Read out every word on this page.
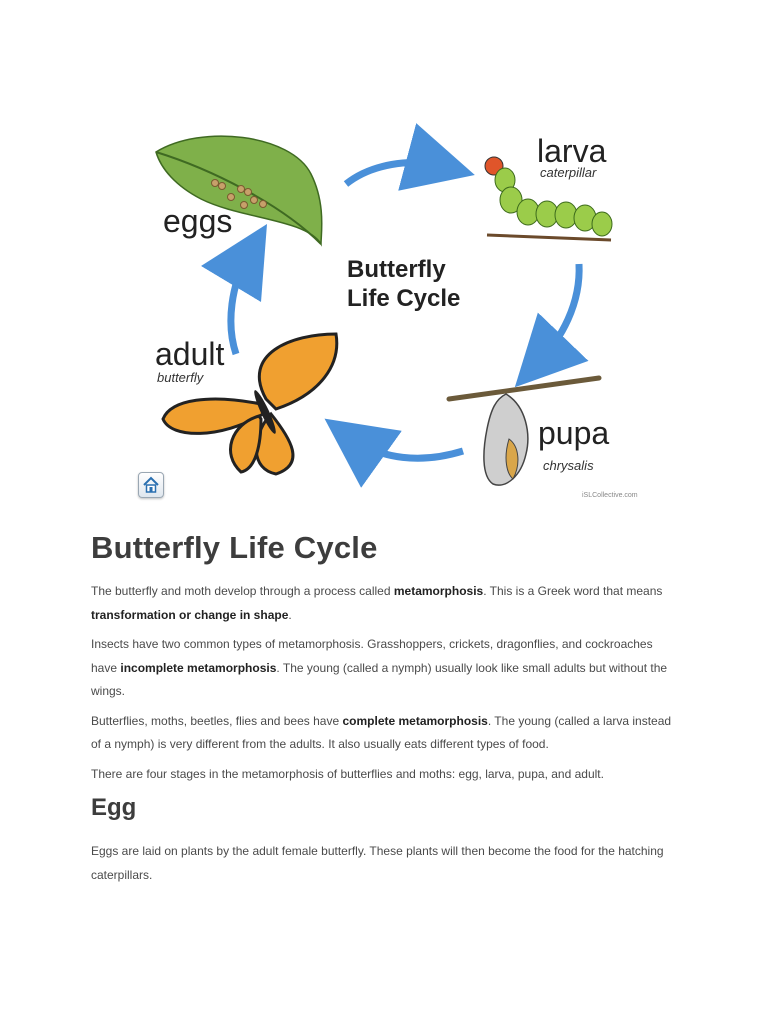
eggs
larva
caterpillar
pupa
chrysalis
adult
butterfly
Butterfly
Life Cycle
iSLCollective.com
Butterfly Life Cycle

The butterfly and moth develop through a process called metamorphosis. This is a Greek word that means transformation or change in shape.

Insects have two common types of metamorphosis. Grasshoppers, crickets, dragonflies, and cockroaches have incomplete metamorphosis. The young (called a nymph) usually look like small adults but without the wings.

Butterflies, moths, beetles, flies and bees have complete metamorphosis. The young (called a larva instead of a nymph) is very different from the adults. It also usually eats different types of food.

There are four stages in the metamorphosis of butterflies and moths: egg, larva, pupa, and adult.

Egg

Eggs are laid on plants by the adult female butterfly. These plants will then become the food for the hatching caterpillars.
